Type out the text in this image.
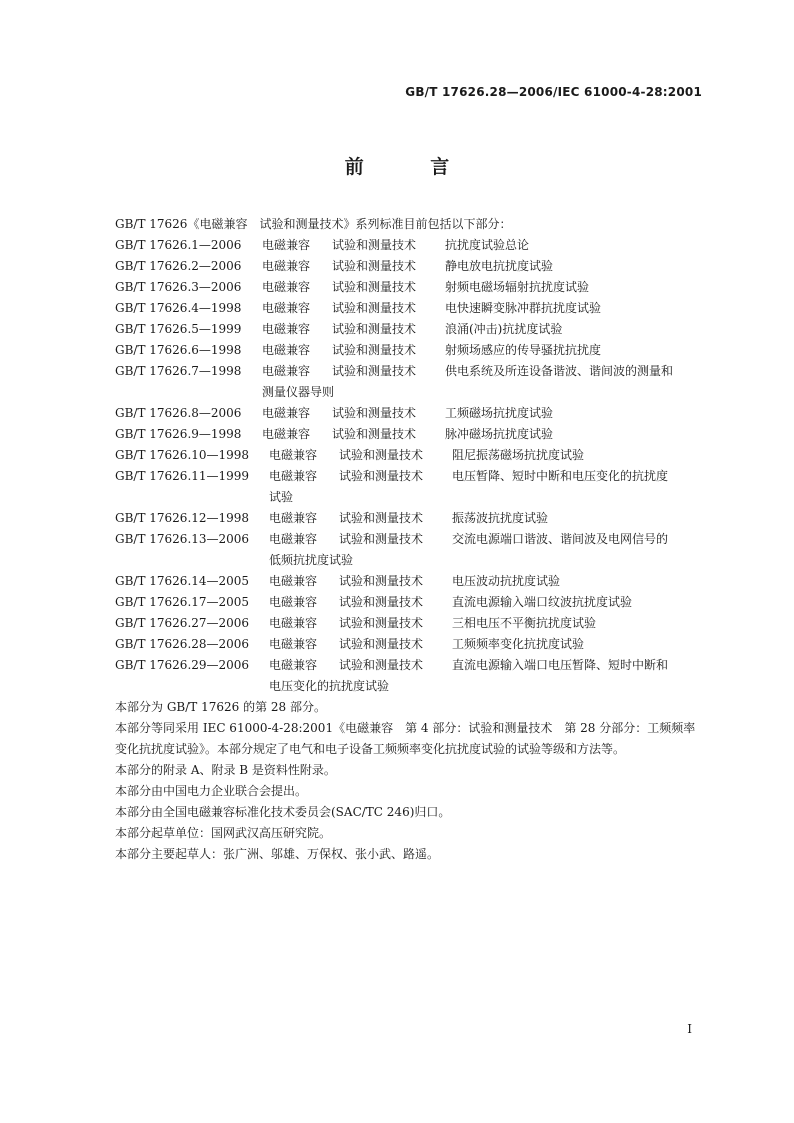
GB/T 17626.28—2006/IEC 61000-4-28:2001
前 言

GB/T 17626《电磁兼容　试验和测量技术》系列标准目前包括以下部分：

GB/T 17626.1—2006	电磁兼容	试验和测量技术	抗扰度试验总论
GB/T 17626.2—2006	电磁兼容	试验和测量技术	静电放电抗扰度试验
GB/T 17626.3—2006	电磁兼容	试验和测量技术	射频电磁场辐射抗扰度试验
GB/T 17626.4—1998	电磁兼容	试验和测量技术	电快速瞬变脉冲群抗扰度试验
GB/T 17626.5—1999	电磁兼容	试验和测量技术	浪涌(冲击)抗扰度试验
GB/T 17626.6—1998	电磁兼容	试验和测量技术	射频场感应的传导骚扰抗扰度
GB/T 17626.7—1998	电磁兼容	试验和测量技术	供电系统及所连设备谐波、谐间波的测量和
测量仪器导则
GB/T 17626.8—2006	电磁兼容	试验和测量技术	工频磁场抗扰度试验
GB/T 17626.9—1998	电磁兼容	试验和测量技术	脉冲磁场抗扰度试验
GB/T 17626.10—1998	电磁兼容	试验和测量技术	阻尼振荡磁场抗扰度试验
GB/T 17626.11—1999	电磁兼容	试验和测量技术	电压暂降、短时中断和电压变化的抗扰度
试验
GB/T 17626.12—1998	电磁兼容	试验和测量技术	振荡波抗扰度试验
GB/T 17626.13—2006	电磁兼容	试验和测量技术	交流电源端口谐波、谐间波及电网信号的
低频抗扰度试验
GB/T 17626.14—2005	电磁兼容	试验和测量技术	电压波动抗扰度试验
GB/T 17626.17—2005	电磁兼容	试验和测量技术	直流电源输入端口纹波抗扰度试验
GB/T 17626.27—2006	电磁兼容	试验和测量技术	三相电压不平衡抗扰度试验
GB/T 17626.28—2006	电磁兼容	试验和测量技术	工频频率变化抗扰度试验
GB/T 17626.29—2006	电磁兼容	试验和测量技术	直流电源输入端口电压暂降、短时中断和
电压变化的抗扰度试验

本部分为 GB/T 17626 的第 28 部分。

本部分等同采用 IEC 61000-4-28:2001《电磁兼容　第 4 部分：试验和测量技术　第 28 分部分：工频频率变化抗扰度试验》。本部分规定了电气和电子设备工频频率变化抗扰度试验的试验等级和方法等。

本部分的附录 A、附录 B 是资料性附录。

本部分由中国电力企业联合会提出。

本部分由全国电磁兼容标准化技术委员会(SAC/TC 246)归口。

本部分起草单位：国网武汉高压研究院。

本部分主要起草人：张广洲、邬雄、万保权、张小武、路遥。

I
